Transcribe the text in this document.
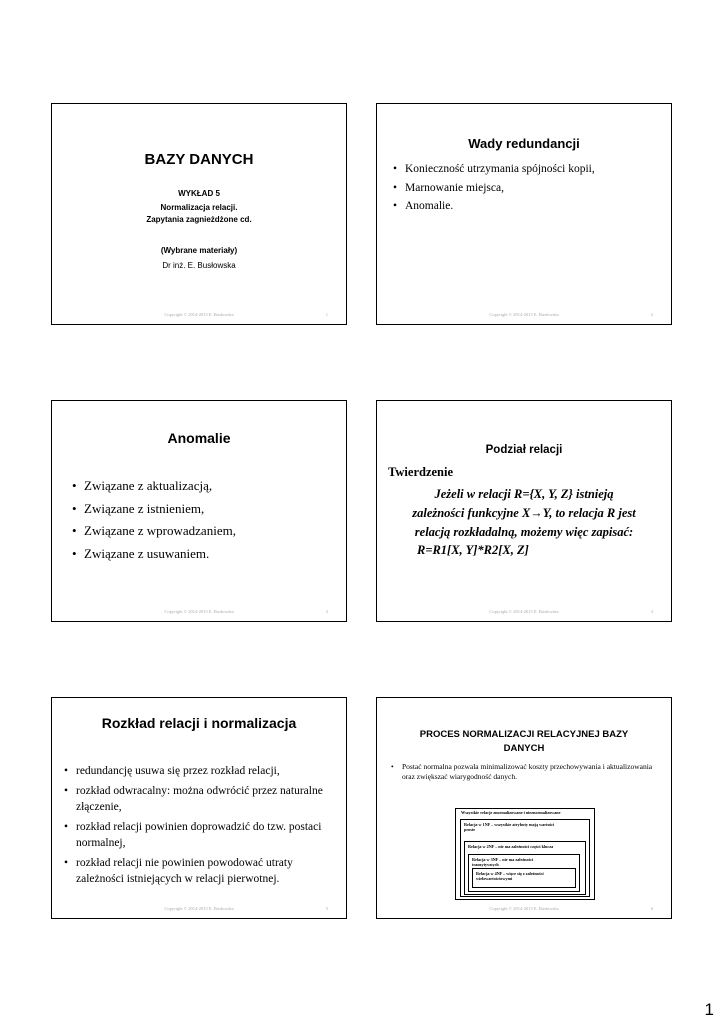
BAZY DANYCH
WYKŁAD 5
Normalizacja relacji.
Zapytania zagnieżdżone cd.
(Wybrane materiały)
Dr inż. E. Busłowska
Copyright © 2014-2015 E. Busłowska	1
Wady redundancji
• Konieczność utrzymania spójności kopii,
• Marnowanie miejsca,
• Anomalie.
Copyright © 2014-2015 E. Busłowska	2
Anomalie
• Związane z aktualizacją,
• Związane z istnieniem,
• Związane z wprowadzaniem,
• Związane z usuwaniem.
Copyright © 2014-2015 E. Busłowska	3
Podział relacji
Twierdzenie
Jeżeli w relacji R={X, Y, Z} istnieją
zależności funkcyjne X→Y, to relacja R jest
relacją rozkładalną, możemy więc zapisać:
R=R1[X, Y]*R2[X, Z]
Copyright © 2014-2015 E. Busłowska	4
Rozkład relacji i normalizacja
• redundancję usuwa się przez rozkład relacji,
• rozkład odwracalny: można odwrócić przez naturalne złączenie,
• rozkład relacji powinien doprowadzić do tzw. postaci normalnej,
• rozkład relacji nie powinien powodować utraty zależności istniejących w relacji pierwotnej.
Copyright © 2014-2015 E. Busłowska	5
PROCES NORMALIZACJI RELACYJNEJ BAZY DANYCH
• Postać normalna pozwala minimalizować koszty przechowywania i aktualizowania oraz zwiększać wiarygodność danych.
Wszystkie relacje znormalizowane i nieznormalizowane
Relacja w 1NF – wszystkie atrybuty mają wartości proste
Relacja w 2NF – nie ma zależności części klucza
Relacja w 3NF – nie ma zależności tranzytywnych
Relacja w 4NF – więce się z zależności wielowartościowymi
Copyright © 2014-2015 E. Busłowska	6
1
